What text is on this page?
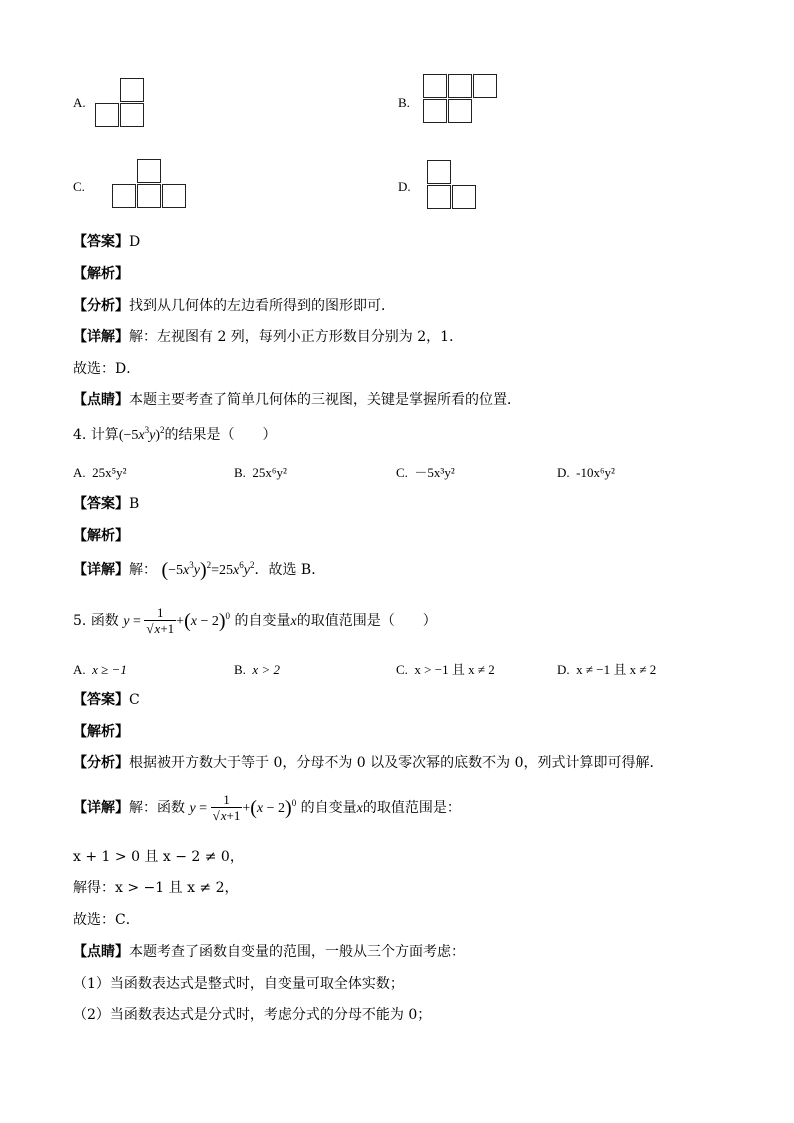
A.	B.
C.	D.
【答案】D
【解析】
【分析】找到从几何体的左边看所得到的图形即可．
【详解】解：左视图有 2 列，每列小正方形数目分别为 2，1．
故选：D．
【点睛】本题主要考查了简单几何体的三视图，关键是掌握所看的位置．
4. 计算$(-5x^3y)^2$的结果是（　　）
A. 25x⁵y²	B. 25x⁶y²	C. －5x³y²	D. -10x⁶y²
【答案】B
【解析】
【详解】解： $(-5x^3y)^2=25x^6y^2$．故选 B．
5. 函数 $y = \frac{1}{√x+1} +(x - 2)^0$ 的自变量x的取值范围是（　　）
A. x ≥ −1	B. x > 2	C. x > −1 且 x ≠ 2	D. x ≠ −1 且 x ≠ 2
【答案】C
【解析】
【分析】根据被开方数大于等于 0，分母不为 0 以及零次幂的底数不为 0，列式计算即可得解．
【详解】解：函数 $y = \frac{1}{√x+1} +(x - 2)^0$ 的自变量x的取值范围是：
x + 1 > 0 且 x − 2 ≠ 0，
解得：x > −1 且 x ≠ 2，
故选：C．
【点睛】本题考查了函数自变量的范围，一般从三个方面考虑：
（1）当函数表达式是整式时，自变量可取全体实数；
（2）当函数表达式是分式时，考虑分式的分母不能为 0；
